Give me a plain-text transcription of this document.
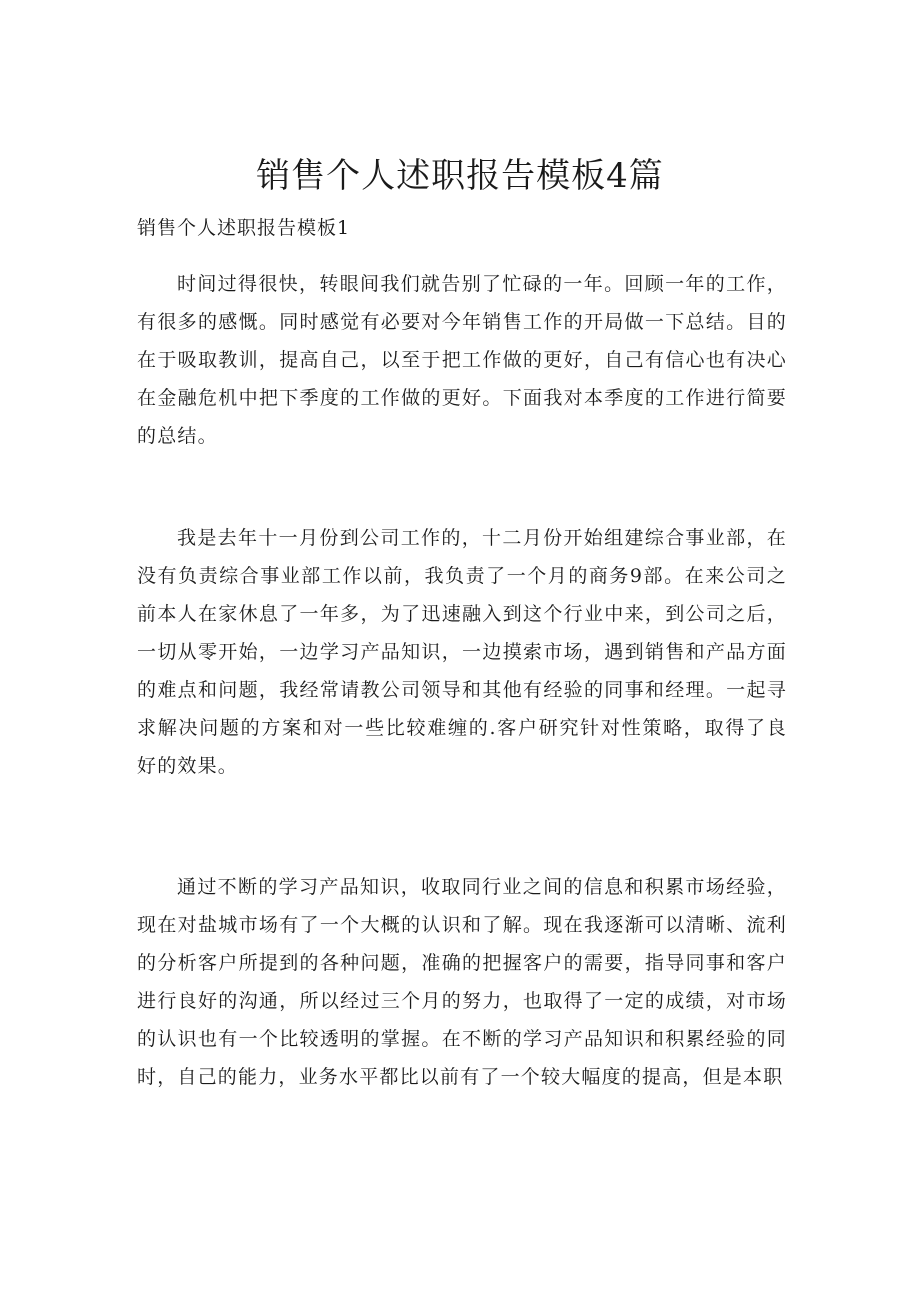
销售个人述职报告模板4篇
销售个人述职报告模板1

时间过得很快，转眼间我们就告别了忙碌的一年。回顾一年的工作，有很多的感慨。同时感觉有必要对今年销售工作的开局做一下总结。目的在于吸取教训，提高自己，以至于把工作做的更好，自己有信心也有决心在金融危机中把下季度的工作做的更好。下面我对本季度的工作进行简要的总结。

我是去年十一月份到公司工作的，十二月份开始组建综合事业部，在没有负责综合事业部工作以前，我负责了一个月的商务9部。在来公司之前本人在家休息了一年多，为了迅速融入到这个行业中来，到公司之后，一切从零开始，一边学习产品知识，一边摸索市场，遇到销售和产品方面的难点和问题，我经常请教公司领导和其他有经验的同事和经理。一起寻求解决问题的方案和对一些比较难缠的.客户研究针对性策略，取得了良好的效果。

通过不断的学习产品知识，收取同行业之间的信息和积累市场经验，现在对盐城市场有了一个大概的认识和了解。现在我逐渐可以清晰、流利的分析客户所提到的各种问题，准确的把握客户的需要，指导同事和客户进行良好的沟通，所以经过三个月的努力，也取得了一定的成绩，对市场的认识也有一个比较透明的掌握。在不断的学习产品知识和积累经验的同时，自己的能力，业务水平都比以前有了一个较大幅度的提高，但是本职
